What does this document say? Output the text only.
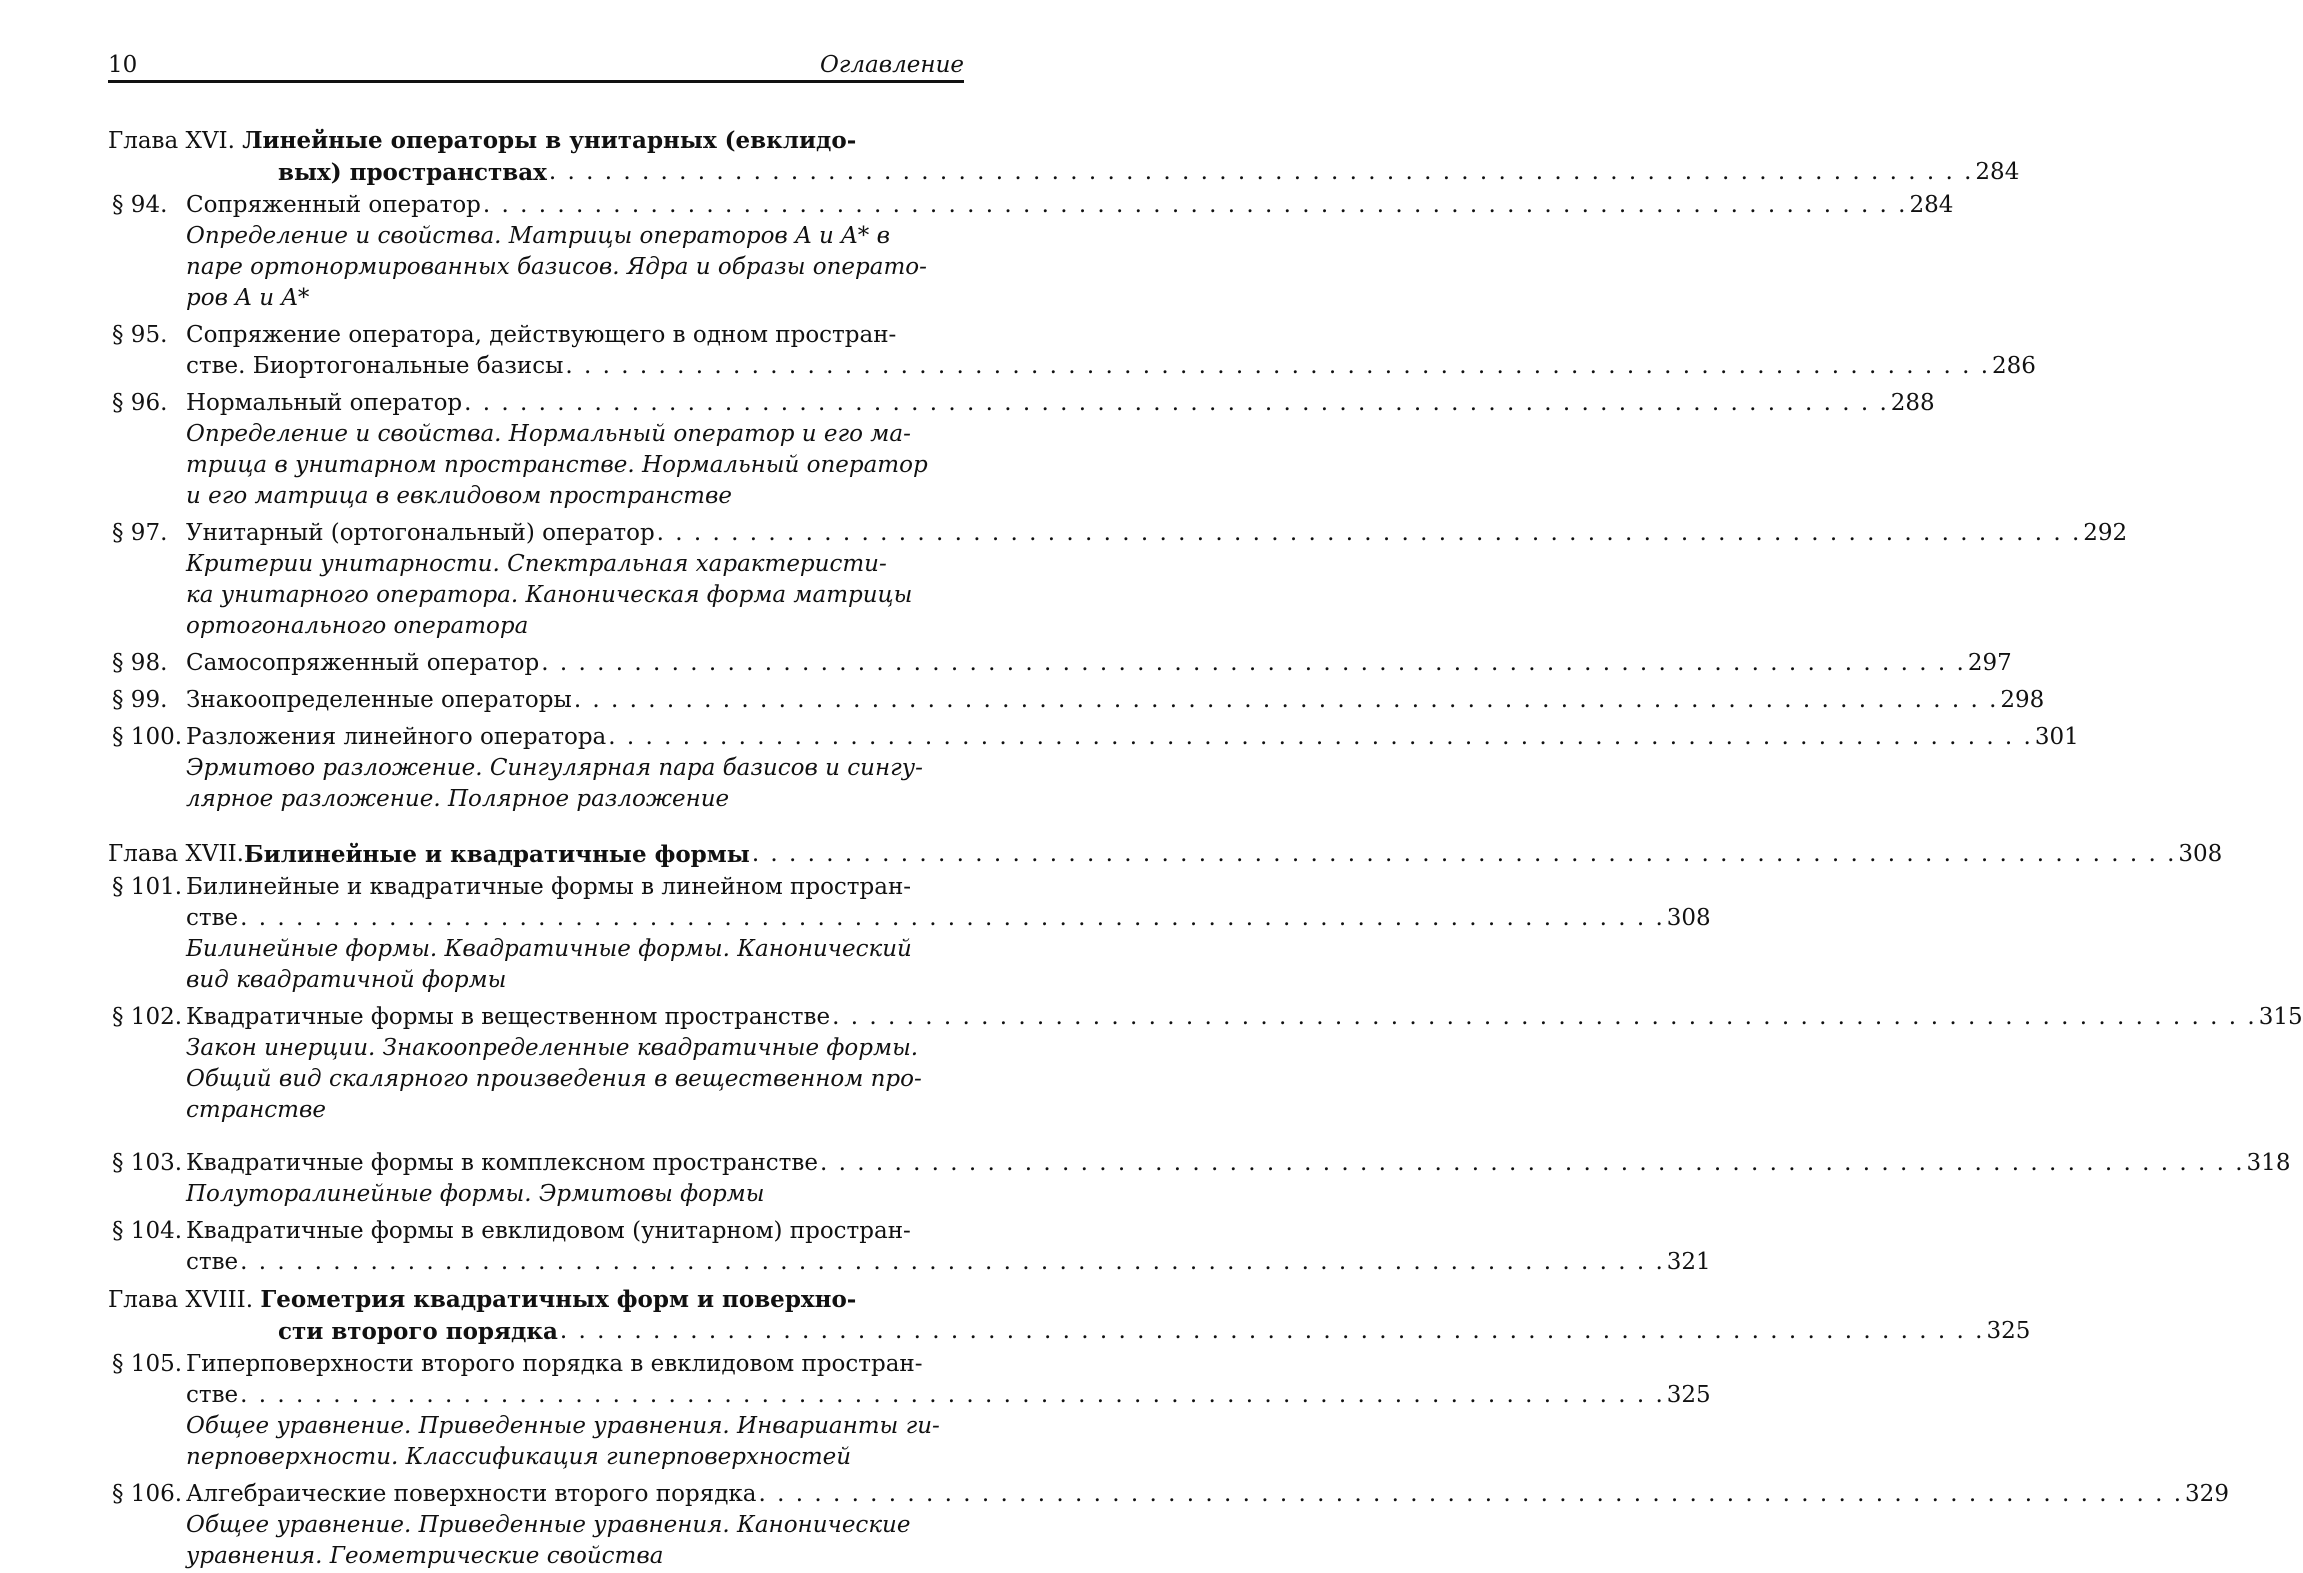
10	Оглавление
Глава XVI. Линейные операторы в унитарных (евклидо-
вых) пространствах . . . . . . . . . . . . . . . . . . . . . . . . . . . . . . . . . . . . . . . . . . . . . . . . . . . . . . . . . . . . . . . . . . . . . . . . . . . . . 284
§ 94. Сопряженный оператор . . . . . . . . . . . . . . . . . . . . . . . . . . . . . . . . . . . . . . . . . . . . . . . . . . . . . . . . . . . . . . . . . . . . . . . . . . . . . 284
Определение и свойства. Матрицы операторов A и A* в
паре ортонормированных базисов. Ядра и образы операто-
ров A и A*
§ 95. Сопряжение оператора, действующего в одном простран-
стве. Биортогональные базисы . . . . . . . . . . . . . . . . . . . . . . . . . . . . . . . . . . . . . . . . . . . . . . . . . . . . . . . . . . . . . . . . . . . . . . . . . . . . . 286
§ 96. Нормальный оператор . . . . . . . . . . . . . . . . . . . . . . . . . . . . . . . . . . . . . . . . . . . . . . . . . . . . . . . . . . . . . . . . . . . . . . . . . . . . . 288
Определение и свойства. Нормальный оператор и его ма-
трица в унитарном пространстве. Нормальный оператор
и его матрица в евклидовом пространстве
§ 97. Унитарный (ортогональный) оператор . . . . . . . . . . . . . . . . . . . . . . . . . . . . . . . . . . . . . . . . . . . . . . . . . . . . . . . . . . . . . . . . . . . . . . . . . . . . . 292
Критерии унитарности. Спектральная характеристи-
ка унитарного оператора. Каноническая форма матрицы
ортогонального оператора
§ 98. Самосопряженный оператор . . . . . . . . . . . . . . . . . . . . . . . . . . . . . . . . . . . . . . . . . . . . . . . . . . . . . . . . . . . . . . . . . . . . . . . . . . . . . 297
§ 99. Знакоопределенные операторы . . . . . . . . . . . . . . . . . . . . . . . . . . . . . . . . . . . . . . . . . . . . . . . . . . . . . . . . . . . . . . . . . . . . . . . . . . . . . 298
§ 100. Разложения линейного оператора . . . . . . . . . . . . . . . . . . . . . . . . . . . . . . . . . . . . . . . . . . . . . . . . . . . . . . . . . . . . . . . . . . . . . . . . . . . . . 301
Эрмитово разложение. Сингулярная пара базисов и сингу-
лярное разложение. Полярное разложение
Глава XVII. Билинейные и квадратичные формы . . . . . . . . . . . . . . . . . . . . . . . . . . . . . . . . . . . . . . . . . . . . . . . . . . . . . . . . . . . . . . . . . . . . . . . . . . . . . 308
§ 101. Билинейные и квадратичные формы в линейном простран-
стве . . . . . . . . . . . . . . . . . . . . . . . . . . . . . . . . . . . . . . . . . . . . . . . . . . . . . . . . . . . . . . . . . . . . . . . . . . . . . 308
Билинейные формы. Квадратичные формы. Канонический
вид квадратичной формы
§ 102. Квадратичные формы в вещественном пространстве . . . . . . . . . . . . . . . . . . . . . . . . . . . . . . . . . . . . . . . . . . . . . . . . . . . . . . . . . . . . . . . . . . . . . . . . . . . . . 315
Закон инерции. Знакоопределенные квадратичные формы.
Общий вид скалярного произведения в вещественном про-
странстве
§ 103. Квадратичные формы в комплексном пространстве . . . . . . . . . . . . . . . . . . . . . . . . . . . . . . . . . . . . . . . . . . . . . . . . . . . . . . . . . . . . . . . . . . . . . . . . . . . . . 318
Полуторалинейные формы. Эрмитовы формы
§ 104. Квадратичные формы в евклидовом (унитарном) простран-
стве . . . . . . . . . . . . . . . . . . . . . . . . . . . . . . . . . . . . . . . . . . . . . . . . . . . . . . . . . . . . . . . . . . . . . . . . . . . . . 321
Глава XVIII. Геометрия квадратичных форм и поверхно-
сти второго порядка . . . . . . . . . . . . . . . . . . . . . . . . . . . . . . . . . . . . . . . . . . . . . . . . . . . . . . . . . . . . . . . . . . . . . . . . . . . . . 325
§ 105. Гиперповерхности второго порядка в евклидовом простран-
стве . . . . . . . . . . . . . . . . . . . . . . . . . . . . . . . . . . . . . . . . . . . . . . . . . . . . . . . . . . . . . . . . . . . . . . . . . . . . . 325
Общее уравнение. Приведенные уравнения. Инварианты ги-
перповерхности. Классификация гиперповерхностей
§ 106. Алгебраические поверхности второго порядка . . . . . . . . . . . . . . . . . . . . . . . . . . . . . . . . . . . . . . . . . . . . . . . . . . . . . . . . . . . . . . . . . . . . . . . . . . . . . 329
Общее уравнение. Приведенные уравнения. Канонические
уравнения. Геометрические свойства
